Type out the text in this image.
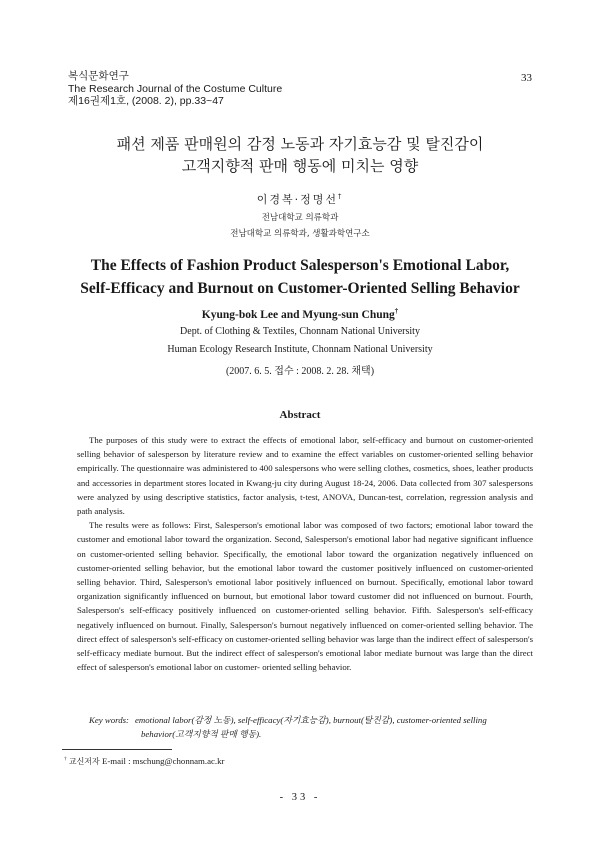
복식문화연구
The Research Journal of the Costume Culture
제16권제1호, (2008. 2), pp.33~47
33
패션 제품 판매원의 감정 노동과 자기효능감 및 탈진감이
고객지향적 판매 행동에 미치는 영향
이경복·정명선†
전남대학교 의류학과
전남대학교 의류학과, 생활과학연구소
The Effects of Fashion Product Salesperson's Emotional Labor,
Self-Efficacy and Burnout on Customer-Oriented Selling Behavior
Kyung-bok Lee and Myung-sun Chung†
Dept. of Clothing & Textiles, Chonnam National University
Human Ecology Research Institute, Chonnam National University
(2007. 6. 5. 접수 : 2008. 2. 28. 채택)
Abstract

The purposes of this study were to extract the effects of emotional labor, self-efficacy and burnout on customer-oriented selling behavior of salesperson by literature review and to examine the effect variables on customer-oriented selling behavior empirically. The questionnaire was administered to 400 salespersons who were selling clothes, cosmetics, shoes, leather products and accessories in department stores located in Kwang-ju city during August 18-24, 2006. Data collected from 307 salespersons were analyzed by using descriptive statistics, factor analysis, t-test, ANOVA, Duncan-test, correlation, regression analysis and path analysis.

The results were as follows: First, Salesperson's emotional labor was composed of two factors; emotional labor toward the customer and emotional labor toward the organization. Second, Salesperson's emotional labor had negative significant influence on customer-oriented selling behavior. Specifically, the emotional labor toward the organization negatively influenced on customer-oriented selling behavior, but the emotional labor toward the customer positively influenced on customer-oriented selling behavior. Third, Salesperson's emotional labor positively influenced on burnout. Specifically, emotional labor toward organization significantly influenced on burnout, but emotional labor toward customer did not influenced on burnout. Fourth, Salesperson's self-efficacy positively influenced on customer-oriented selling behavior. Fifth. Salesperson's self-efficacy negatively influenced on burnout. Finally, Salesperson's burnout negatively influenced on comer-oriented selling behavior. The direct effect of salesperson's self-efficacy on customer-oriented selling behavior was large than the indirect effect of salesperson's self-efficacy mediate burnout. But the indirect effect of salesperson's emotional labor mediate burnout was large than the direct effect of salesperson's emotional labor on customer- oriented selling behavior.

Key words: emotional labor(감정 노동), self-efficacy(자기효능감), burnout(탈진감), customer-oriented selling
behavior(고객지향적 판매 행동).
† 교신저자 E-mail : mschung@chonnam.ac.kr
- 33 -
